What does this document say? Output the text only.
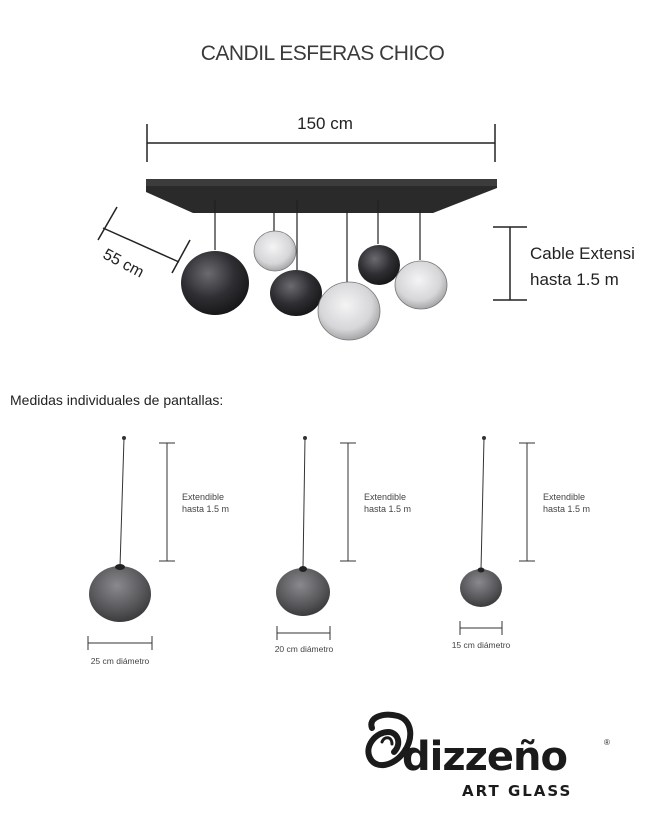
CANDIL ESFERAS CHICO
150 cm
55 cm	Cable Extensi
hasta 1.5 m
Medidas individuales de pantallas:
Extendible
hasta 1.5 m
25 cm diámetro
Extendible
hasta 1.5 m
20 cm diámetro
Extendible
hasta 1.5 m
15 cm diámetro
dizzeño	®
ART GLASS
